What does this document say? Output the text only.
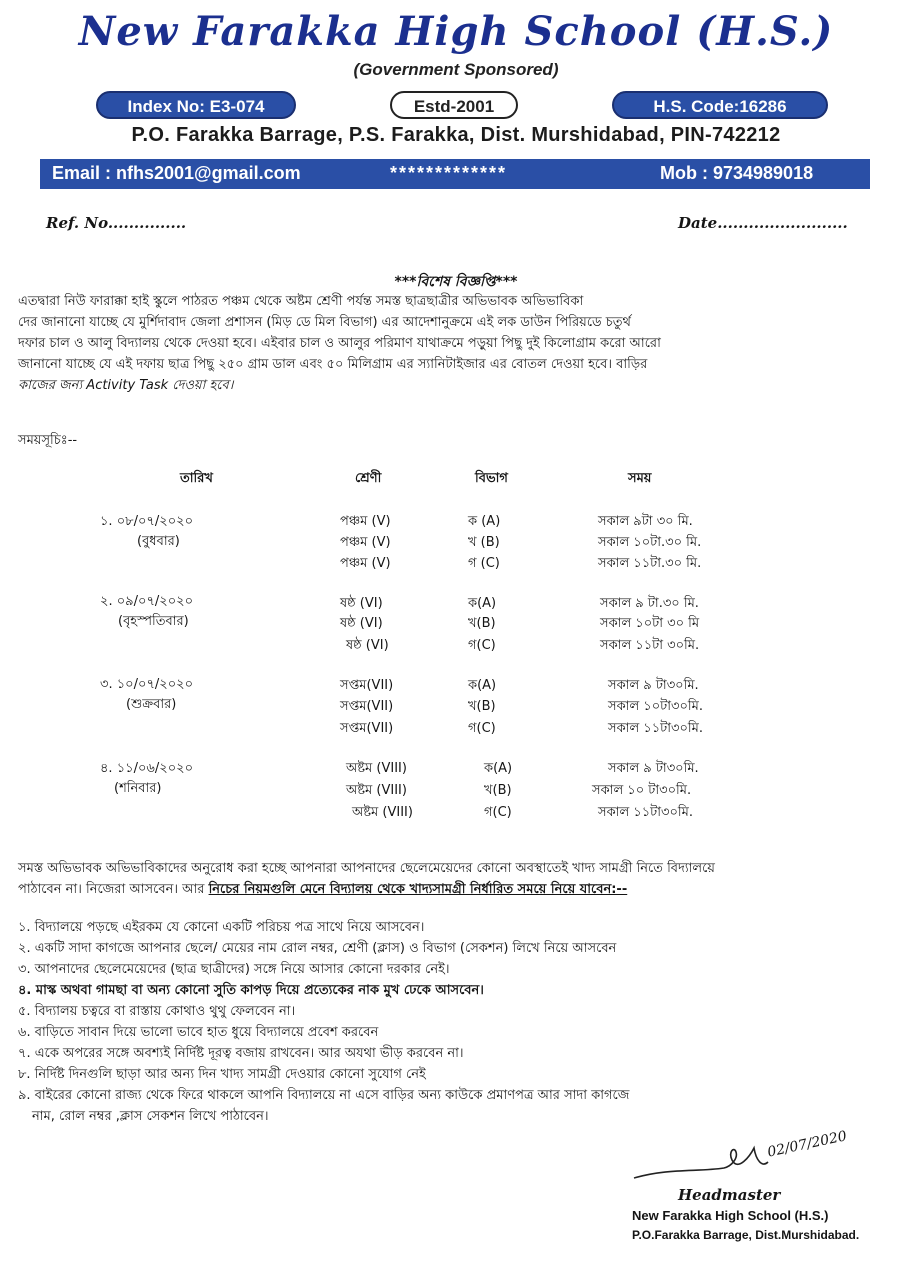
New Farakka High School (H.S.)
(Government Sponsored)
Index No: E3-074	Estd-2001	H.S. Code:16286
P.O. Farakka Barrage, P.S. Farakka, Dist. Murshidabad, PIN-742212
Email : nfhs2001@gmail.com	*************	Mob : 9734989018
Ref. No...............	Date.........................
***বিশেষ বিজ্ঞপ্তি***
এতদ্বারা নিউ ফারাক্কা হাই স্কুলে পাঠরত পঞ্চম থেকে অষ্টম শ্রেণী পর্যন্ত সমস্ত ছাত্রছাত্রীর অভিভাবক অভিভাবিকা
দের জানানো যাচ্ছে যে মুর্শিদাবাদ জেলা প্রশাসন (মিড় ডে মিল বিভাগ) এর আদেশানুক্রমে এই লক ডাউন পিরিয়ডে চতুর্থ
দফার চাল ও আলু বিদ্যালয় থেকে দেওয়া হবে। এইবার চাল ও আলুর পরিমাণ যাথাক্রমে পড়ুয়া পিছু দুই কিলোগ্রাম করো আরো
জানানো যাচ্ছে যে এই দফায় ছাত্র পিছু ২৫০ গ্রাম ডাল এবং ৫০ মিলিগ্রাম এর স্যানিটাইজার এর বোতল দেওয়া হবে। বাড়ির
কাজের জন্য Activity Task দেওয়া হবে।
সময়সূচিঃ--
তারিখ	শ্রেণী	বিভাগ	সময়
১. ০৮/০৭/২০২০
(বুধবার)
পঞ্চম (V)	ক (A)	সকাল ৯টা ৩০ মি.
পঞ্চম (V)	খ (B)	সকাল ১০টা.৩০ মি.
পঞ্চম (V)	গ (C)	সকাল ১১টা.৩০ মি.
২. ০৯/০৭/২০২০
(বৃহস্পতিবার)
ষষ্ঠ (VI)	ক(A)	সকাল ৯ টা.৩০ মি.
ষষ্ঠ (VI)	খ(B)	সকাল ১০টা ৩০ মি
ষষ্ঠ (VI)	গ(C)	সকাল ১১টা ৩০মি.
৩. ১০/০৭/২০২০
(শুক্রবার)
সপ্তম(VII)	ক(A)	সকাল ৯ টা৩০মি.
সপ্তম(VII)	খ(B)	সকাল ১০টা৩০মি.
সপ্তম(VII)	গ(C)	সকাল ১১টা৩০মি.
৪. ১১/০৬/২০২০
(শনিবার)
অষ্টম (VIII)	ক(A)	সকাল ৯ টা৩০মি.
অষ্টম (VIII)	খ(B)	সকাল ১০ টা৩০মি.
অষ্টম (VIII)	গ(C)	সকাল ১১টা৩০মি.
সমস্ত অভিভাবক অভিভাবিকাদের অনুরোধ করা হচ্ছে আপনারা আপনাদের ছেলেমেয়েদের কোনো অবস্থাতেই খাদ্য সামগ্রী নিতে বিদ্যালয়ে
পাঠাবেন না। নিজেরা আসবেন। আর নিচের নিয়মগুলি মেনে বিদ্যালয় থেকে খাদ্যসামগ্রী নির্ধারিত সময়ে নিয়ে যাবেন:--
১. বিদ্যালয়ে পড়ছে এইরকম যে কোনো একটি পরিচয় পত্র সাথে নিয়ে আসবেন।
২. একটি সাদা কাগজে আপনার ছেলে/ মেয়ের নাম রোল নম্বর, শ্রেণী (ক্লাস) ও বিভাগ (সেকশন) লিখে নিয়ে আসবেন
৩. আপনাদের ছেলেমেয়েদের (ছাত্র ছাত্রীদের) সঙ্গে নিয়ে আসার কোনো দরকার নেই।
৪. মাস্ক অথবা গামছা বা অন্য কোনো সুতি কাপড় দিয়ে প্রত্যেকের নাক মুখ ঢেকে আসবেন।
৫. বিদ্যালয় চত্বরে বা রাস্তায় কোথাও থুথু ফেলবেন না।
৬. বাড়িতে সাবান দিয়ে ভালো ভাবে হাত ধুয়ে বিদ্যালয়ে প্রবেশ করবেন
৭. একে অপরের সঙ্গে অবশ্যই নির্দিষ্ট দূরত্ব বজায় রাখবেন। আর অযথা ভীড় করবেন না।
৮. নির্দিষ্ট দিনগুলি ছাড়া আর অন্য দিন খাদ্য সামগ্রী দেওয়ার কোনো সুযোগ নেই
৯. বাইরের কোনো রাজ্য থেকে ফিরে থাকলে আপনি বিদ্যালয়ে না এসে বাড়ির অন্য কাউকে প্রমাণপত্র আর সাদা কাগজে
নাম, রোল নম্বর ,ক্লাস সেকশন লিখে পাঠাবেন।
02/07/2020
Headmaster
New Farakka High School (H.S.)
P.O.Farakka Barrage, Dist.Murshidabad.
